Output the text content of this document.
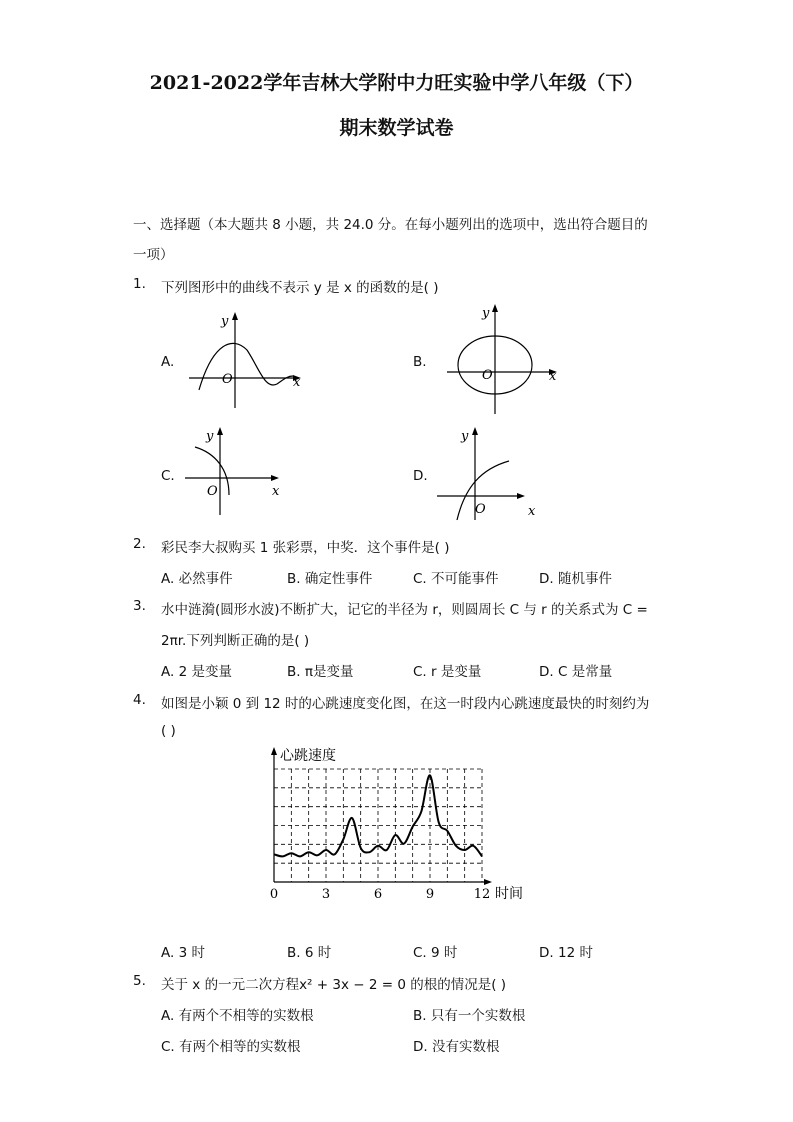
2021-2022学年吉林大学附中力旺实验中学八年级（下）
期末数学试卷
一、选择题（本大题共 8 小题，共 24.0 分。在每小题列出的选项中，选出符合题目的
一项）
1. 下列图形中的曲线不表示 y 是 x 的函数的是( )
A.	B.
C.	D.
y
x
O
y
x
O
y
x
O
y
x
O
2. 彩民李大叔购买 1 张彩票，中奖．这个事件是( )
A. 必然事件	B. 确定性事件	C. 不可能事件	D. 随机事件
3. 水中涟漪(圆形水波)不断扩大，记它的半径为 r，则圆周长 C 与 r 的关系式为 C =
2πr.下列判断正确的是( )
A. 2 是变量	B. π是变量	C. r 是变量	D. C 是常量
4. 如图是小颖 0 到 12 时的心跳速度变化图，在这一时段内心跳速度最快的时刻约为
( )
心跳速度
时间
0	3	6	9	12
A. 3 时	B. 6 时	C. 9 时	D. 12 时
5. 关于 x 的一元二次方程x² + 3x − 2 = 0 的根的情况是( )
A. 有两个不相等的实数根	B. 只有一个实数根
C. 有两个相等的实数根	D. 没有实数根
